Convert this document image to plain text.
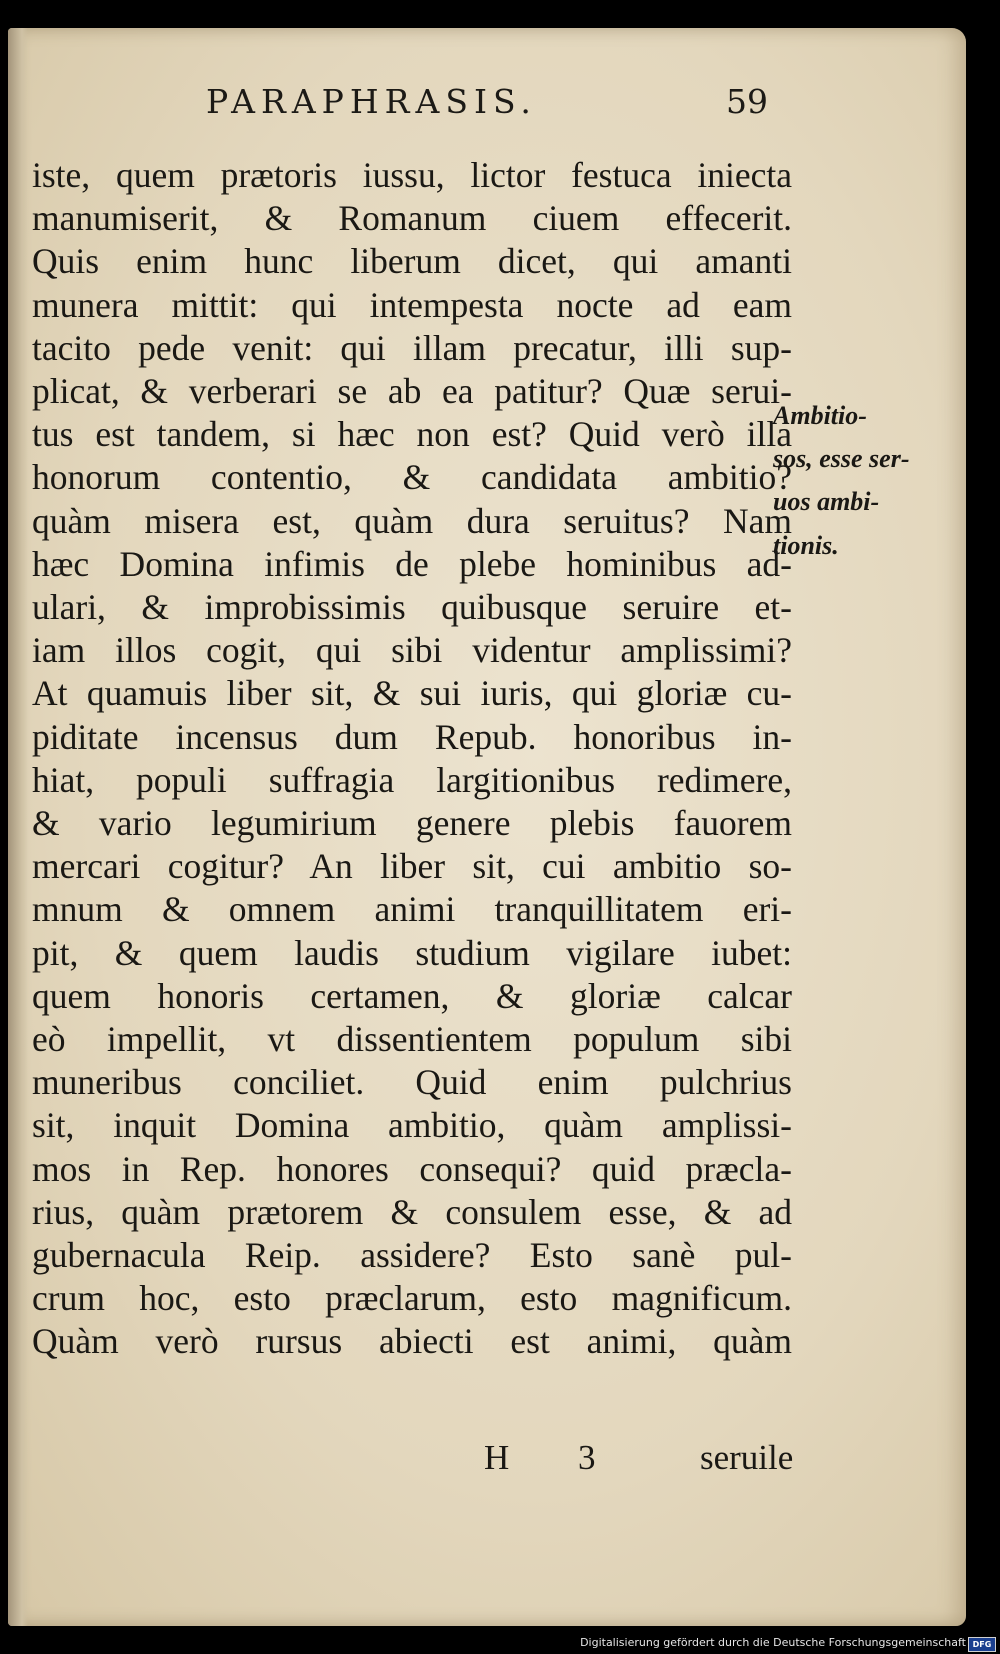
PARAPHRASIS.	59
iste, quem prætoris iussu, lictor festuca iniecta
manumiserit, & Romanum ciuem effecerit.
Quis enim hunc liberum dicet, qui amanti
munera mittit: qui intempesta nocte ad eam
tacito pede venit: qui illam precatur, illi sup-
plicat, & verberari se ab ea patitur? Quæ serui-
tus est tandem, si hæc non est? Quid verò illa
honorum contentio, & candidata ambitio?
quàm misera est, quàm dura seruitus? Nam
hæc Domina infimis de plebe hominibus ad-
ulari, & improbissimis quibusque seruire et-
iam illos cogit, qui sibi videntur amplissimi?
At quamuis liber sit, & sui iuris, qui gloriæ cu-
piditate incensus dum Repub. honoribus in-
hiat, populi suffragia largitionibus redimere,
& vario legumirium genere plebis fauorem
mercari cogitur? An liber sit, cui ambitio so-
mnum & omnem animi tranquillitatem eri-
pit, & quem laudis studium vigilare iubet:
quem honoris certamen, & gloriæ calcar
eò impellit, vt dissentientem populum sibi
muneribus conciliet. Quid enim pulchrius
sit, inquit Domina ambitio, quàm amplissi-
mos in Rep. honores consequi? quid præcla-
rius, quàm prætorem & consulem esse, & ad
gubernacula Reip. assidere? Esto sanè pul-
crum hoc, esto præclarum, esto magnificum.
Quàm verò rursus abiecti est animi, quàm
Ambitio-
sos, esse ser-
uos ambi-
tionis.
H 3 seruile
Digitalisierung gefördert durch die Deutsche Forschungsgemeinschaft DFG
